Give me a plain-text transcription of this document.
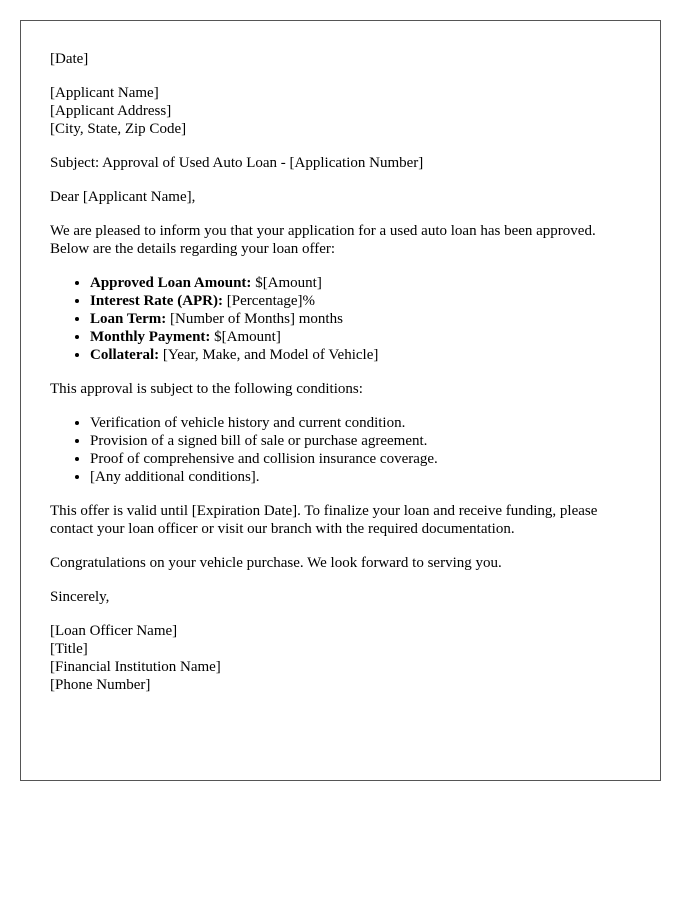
[Date]

[Applicant Name]
[Applicant Address]
[City, State, Zip Code]

Subject: Approval of Used Auto Loan - [Application Number]

Dear [Applicant Name],

We are pleased to inform you that your application for a used auto loan has been approved. Below are the details regarding your loan offer:

• Approved Loan Amount: $[Amount]
• Interest Rate (APR): [Percentage]%
• Loan Term: [Number of Months] months
• Monthly Payment: $[Amount]
• Collateral: [Year, Make, and Model of Vehicle]

This approval is subject to the following conditions:

• Verification of vehicle history and current condition.
• Provision of a signed bill of sale or purchase agreement.
• Proof of comprehensive and collision insurance coverage.
• [Any additional conditions].

This offer is valid until [Expiration Date]. To finalize your loan and receive funding, please contact your loan officer or visit our branch with the required documentation.

Congratulations on your vehicle purchase. We look forward to serving you.

Sincerely,

[Loan Officer Name]
[Title]
[Financial Institution Name]
[Phone Number]
